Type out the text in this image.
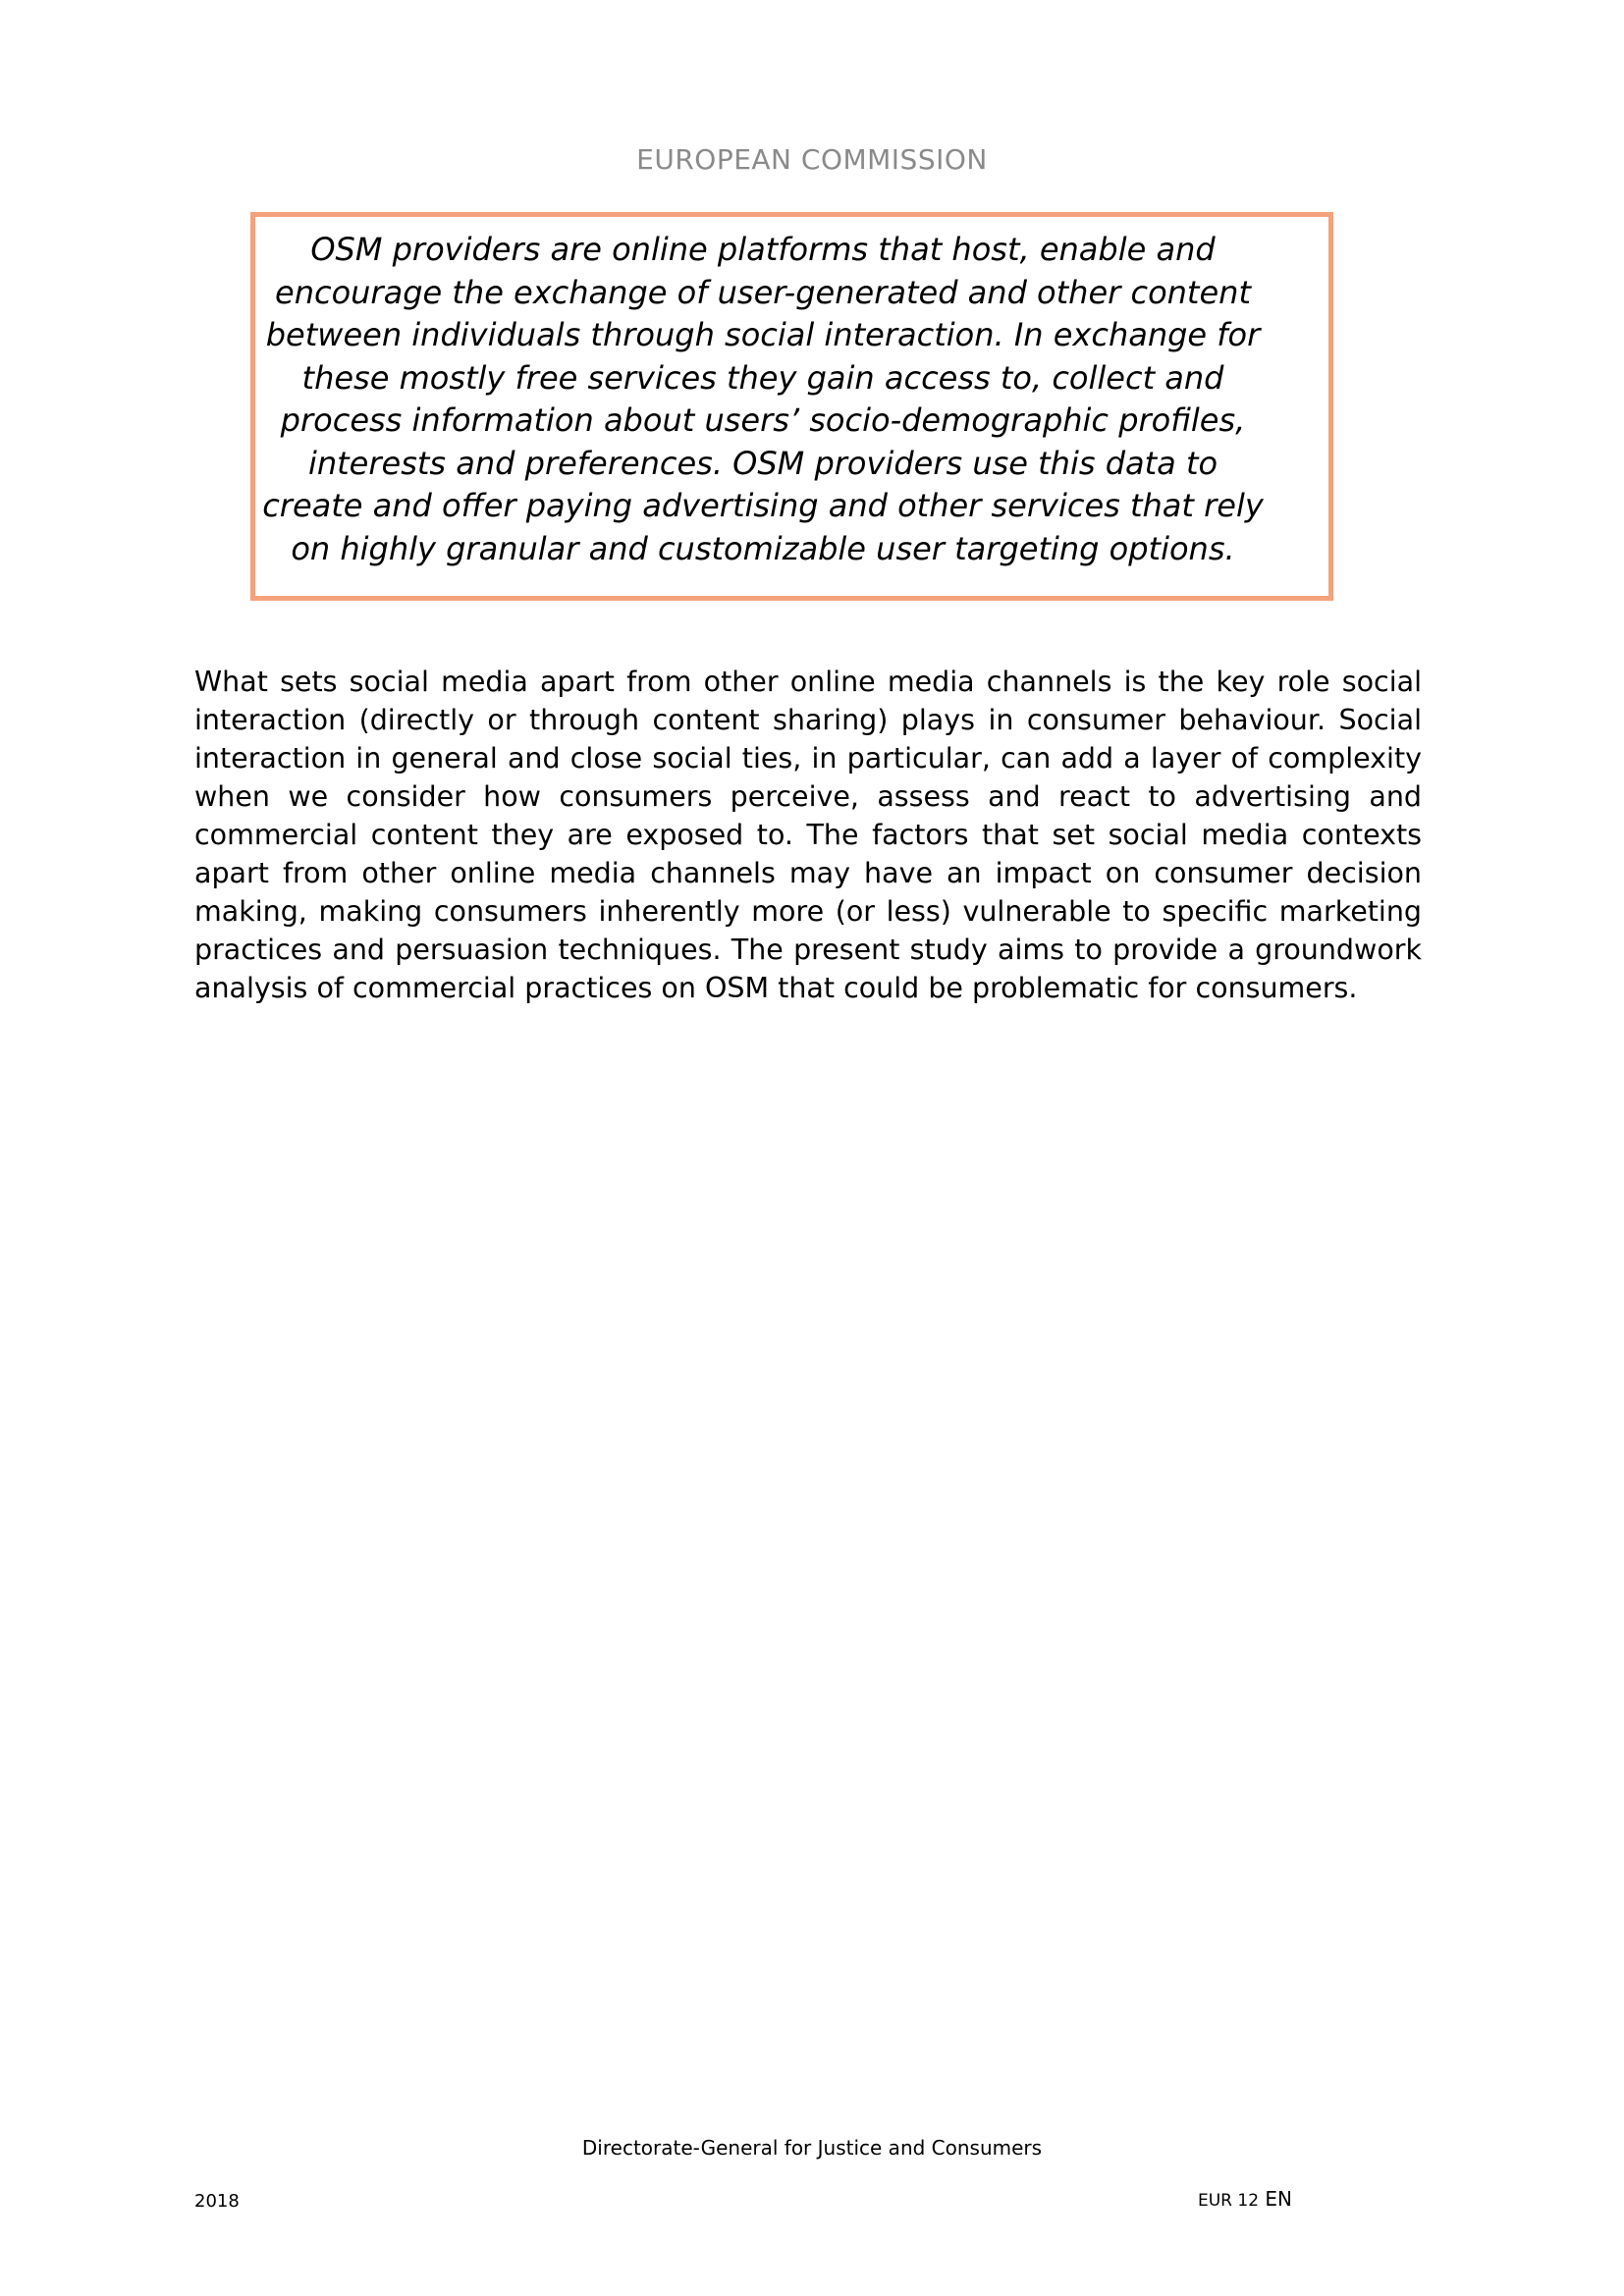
EUROPEAN COMMISSION
OSM providers are online platforms that host, enable and encourage the exchange of user-generated and other content between individuals through social interaction. In exchange for these mostly free services they gain access to, collect and process information about users’ socio-demographic profiles, interests and preferences. OSM providers use this data to create and offer paying advertising and other services that rely on highly granular and customizable user targeting options.
What sets social media apart from other online media channels is the key role social interaction (directly or through content sharing) plays in consumer behaviour. Social interaction in general and close social ties, in particular, can add a layer of complexity when we consider how consumers perceive, assess and react to advertising and commercial content they are exposed to. The factors that set social media contexts apart from other online media channels may have an impact on consumer decision making, making consumers inherently more (or less) vulnerable to specific marketing practices and persuasion techniques. The present study aims to provide a groundwork analysis of commercial practices on OSM that could be problematic for consumers.
Directorate-General for Justice and Consumers
2018	EUR 12 EN
